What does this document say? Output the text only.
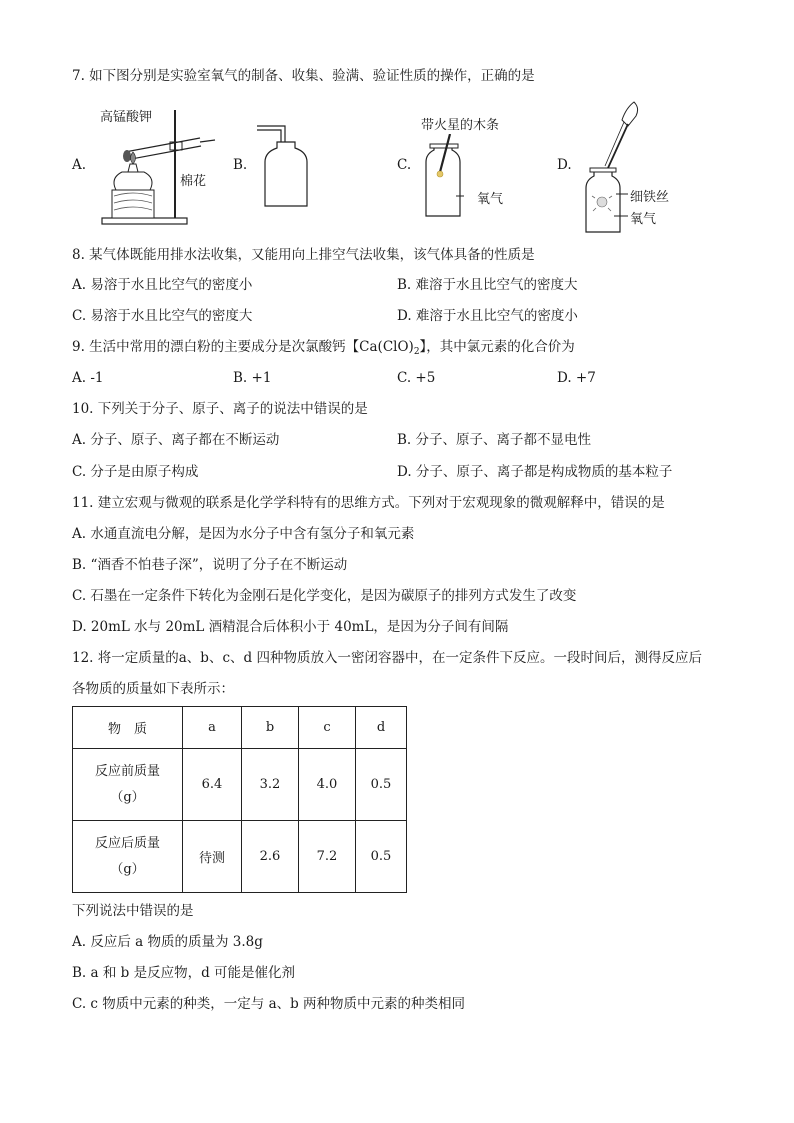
7. 如下图分别是实验室氧气的制备、收集、验满、验证性质的操作，正确的是
A.	B.	C.	D.
高锰酸钾
棉花
带火星的木条
氧气	细铁丝
氧气
8. 某气体既能用排水法收集，又能用向上排空气法收集，该气体具备的性质是
A. 易溶于水且比空气的密度小	B. 难溶于水且比空气的密度大
C. 易溶于水且比空气的密度大	D. 难溶于水且比空气的密度小
9. 生活中常用的漂白粉的主要成分是次氯酸钙【$Ca(ClO)_2$】，其中氯元素的化合价为
A. -1	B. +1	C. +5	D. +7
10. 下列关于分子、原子、离子的说法中错误的是
A. 分子、原子、离子都在不断运动	B. 分子、原子、离子都不显电性
C. 分子是由原子构成	D. 分子、原子、离子都是构成物质的基本粒子
11. 建立宏观与微观的联系是化学学科特有的思维方式。下列对于宏观现象的微观解释中，错误的是
A. 水通直流电分解，是因为水分子中含有氢分子和氧元素
B. “酒香不怕巷子深”，说明了分子在不断运动
C. 石墨在一定条件下转化为金刚石是化学变化，是因为碳原子的排列方式发生了改变
D. 20mL 水与 20mL 酒精混合后体积小于 40mL，是因为分子间有间隔
12. 将一定质量的a、b、c、d 四种物质放入一密闭容器中，在一定条件下反应。一段时间后，测得反应后
各物质的质量如下表所示：
物　质	a	b	c	d

反应前质量
（g）	6.4	3.2	4.0	0.5

反应后质量
（g）	待测	2.6	7.2	0.5
下列说法中错误的是
A. 反应后 a 物质的质量为 3.8g
B. a 和 b 是反应物，d 可能是催化剂
C. c 物质中元素的种类，一定与 a、b 两种物质中元素的种类相同
